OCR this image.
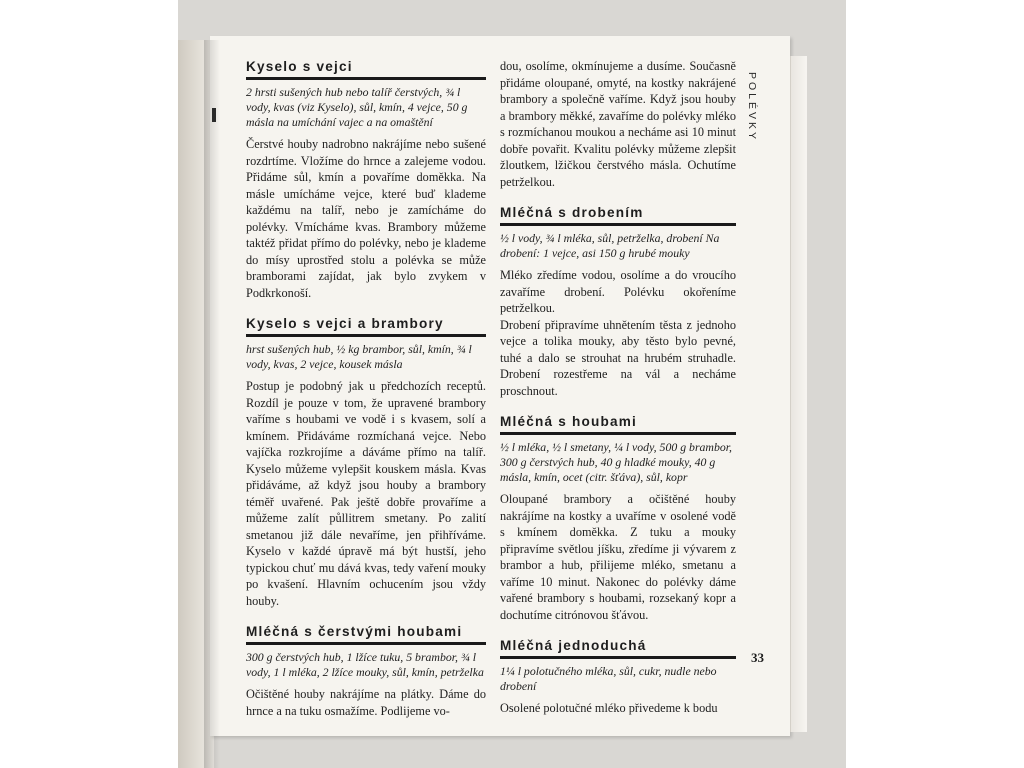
Kyselo s vejci

2 hrsti sušených hub nebo talíř čerstvých, ¾ l vody, kvas (viz Kyselo), sůl, kmín, 4 vejce, 50 g másla na umíchání vajec a na omaštění

Čerstvé houby nadrobno nakrájíme nebo sušené rozdrtíme. Vložíme do hrnce a zalejeme vodou. Přidáme sůl, kmín a povaříme doměkka. Na másle umícháme vejce, které buď klademe každému na talíř, nebo je zamícháme do polévky. Vmícháme kvas. Brambory můžeme taktéž přidat přímo do polévky, nebo je klademe do mísy uprostřed stolu a polévka se může bramborami zajídat, jak bylo zvykem v Podkrkonoší.

Kyselo s vejci a brambory

hrst sušených hub, ½ kg brambor, sůl, kmín, ¾ l vody, kvas, 2 vejce, kousek másla

Postup je podobný jak u předchozích receptů. Rozdíl je pouze v tom, že upravené brambory vaříme s houbami ve vodě i s kvasem, solí a kmínem. Přidáváme rozmíchaná vejce. Nebo vajíčka rozkrojíme a dáváme přímo na talíř. Kyselo můžeme vylepšit kouskem másla. Kvas přidáváme, až když jsou houby a brambory téměř uvařené. Pak ještě dobře provaříme a můžeme zalít půllitrem smetany. Po zalití smetanou již dále nevaříme, jen přihříváme. Kyselo v každé úpravě má být hustší, jeho typickou chuť mu dává kvas, tedy vaření mouky po kvašení. Hlavním ochucením jsou vždy houby.

Mléčná s čerstvými houbami

300 g čerstvých hub, 1 lžíce tuku, 5 brambor, ¾ l vody, 1 l mléka, 2 lžíce mouky, sůl, kmín, petrželka

Očištěné houby nakrájíme na plátky. Dáme do hrnce a na tuku osmažíme. Podlijeme vo-

dou, osolíme, okmínujeme a dusíme. Současně přidáme oloupané, omyté, na kostky nakrájené brambory a společně vaříme. Když jsou houby a brambory měkké, zavaříme do polévky mléko s rozmíchanou moukou a necháme asi 10 minut dobře povařit. Kvalitu polévky můžeme zlepšit žloutkem, lžičkou čerstvého másla. Ochutíme petrželkou.

Mléčná s drobením

½ l vody, ¾ l mléka, sůl, petrželka, drobení Na drobení: 1 vejce, asi 150 g hrubé mouky

Mléko zředíme vodou, osolíme a do vroucího zavaříme drobení. Polévku okořeníme petrželkou.

Drobení připravíme uhnětením těsta z jednoho vejce a tolika mouky, aby těsto bylo pevné, tuhé a dalo se strouhat na hrubém struhadle. Drobení rozestřeme na vál a necháme proschnout.

Mléčná s houbami

½ l mléka, ½ l smetany, ¼ l vody, 500 g brambor, 300 g čerstvých hub, 40 g hladké mouky, 40 g másla, kmín, ocet (citr. šťáva), sůl, kopr

Oloupané brambory a očištěné houby nakrájíme na kostky a uvaříme v osolené vodě s kmínem doměkka. Z tuku a mouky připravíme světlou jíšku, zředíme ji vývarem z brambor a hub, přilijeme mléko, smetanu a vaříme 10 minut. Nakonec do polévky dáme vařené brambory s houbami, rozsekaný kopr a dochutíme citrónovou šťávou.

Mléčná jednoduchá

1¼ l polotučného mléka, sůl, cukr, nudle nebo drobení

Osolené polotučné mléko přivedeme k bodu

POLÉVKY
33
